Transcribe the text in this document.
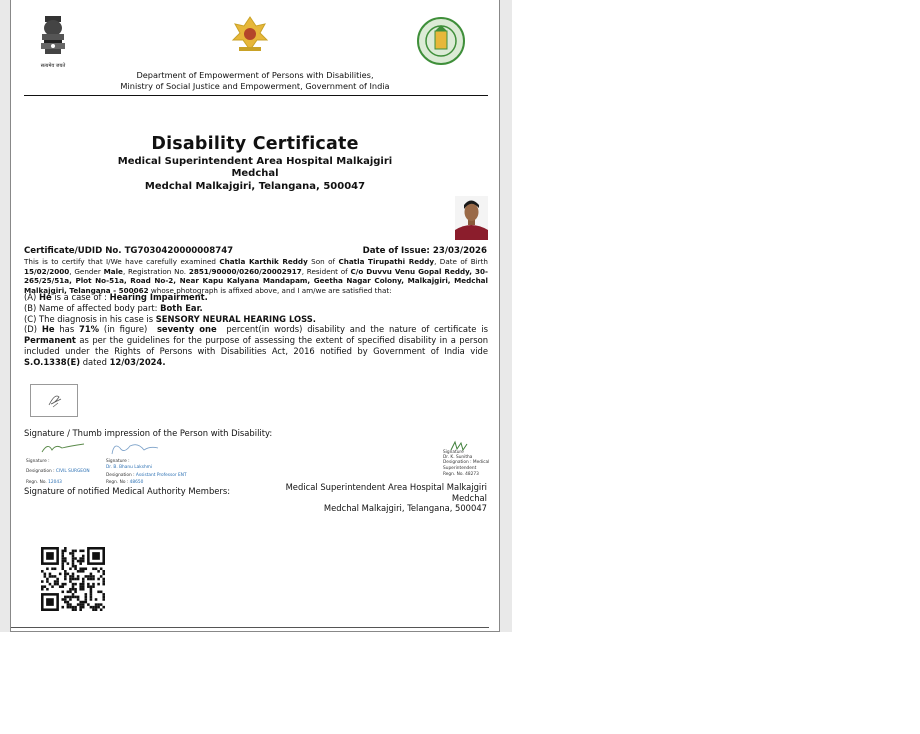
सत्यमेव जयते
Department of Empowerment of Persons with Disabilities,
Ministry of Social Justice and Empowerment, Government of India
Disability Certificate
Medical Superintendent Area Hospital Malkajgiri
Medchal
Medchal Malkajgiri, Telangana, 500047
Certificate/UDID No. TG7030420000008747	Date of Issue: 23/03/2026
This is to certify that I/We have carefully examined Chatla Karthik Reddy Son of Chatla Tirupathi Reddy, Date of Birth 15/02/2000, Gender Male, Registration No. 2851/90000/0260/20002917, Resident of C/o Duvvu Venu Gopal Reddy, 30-265/25/51a, Plot No-51a, Road No-2, Near Kapu Kalyana Mandapam, Geetha Nagar Colony, Malkajgiri, Medchal Malkajgiri, Telangana - 500062 whose photograph is affixed above, and I am/we are satisfied that:
(A) He is a case of : Hearing Impairment.
(B) Name of affected body part: Both Ear.
(C) The diagnosis in his case is SENSORY NEURAL HEARING LOSS.
(D) He has 71% (in figure) seventy one percent(in words) disability and the nature of certificate is Permanent as per the guidelines for the purpose of assessing the extent of specified disability in a person included under the Rights of Persons with Disabilities Act, 2016 notified by Government of India vide S.O.1338(E) dated 12/03/2024.
Signature / Thumb impression of the Person with Disability:
Signature :
Designation : CIVIL SURGEON
Regn. No. 12043
Signature :
Dr. B. Bhanu Lakshmi
Designation : Assistant Professor ENT
Regn. No : 48650
Signature
Dr. K. Sunitha
Designation : Medical Superintendent
Regn. No. 48273
Signature of notified Medical Authority Members:	Medical Superintendent Area Hospital Malkajgiri
Medchal
Medchal Malkajgiri, Telangana, 500047
